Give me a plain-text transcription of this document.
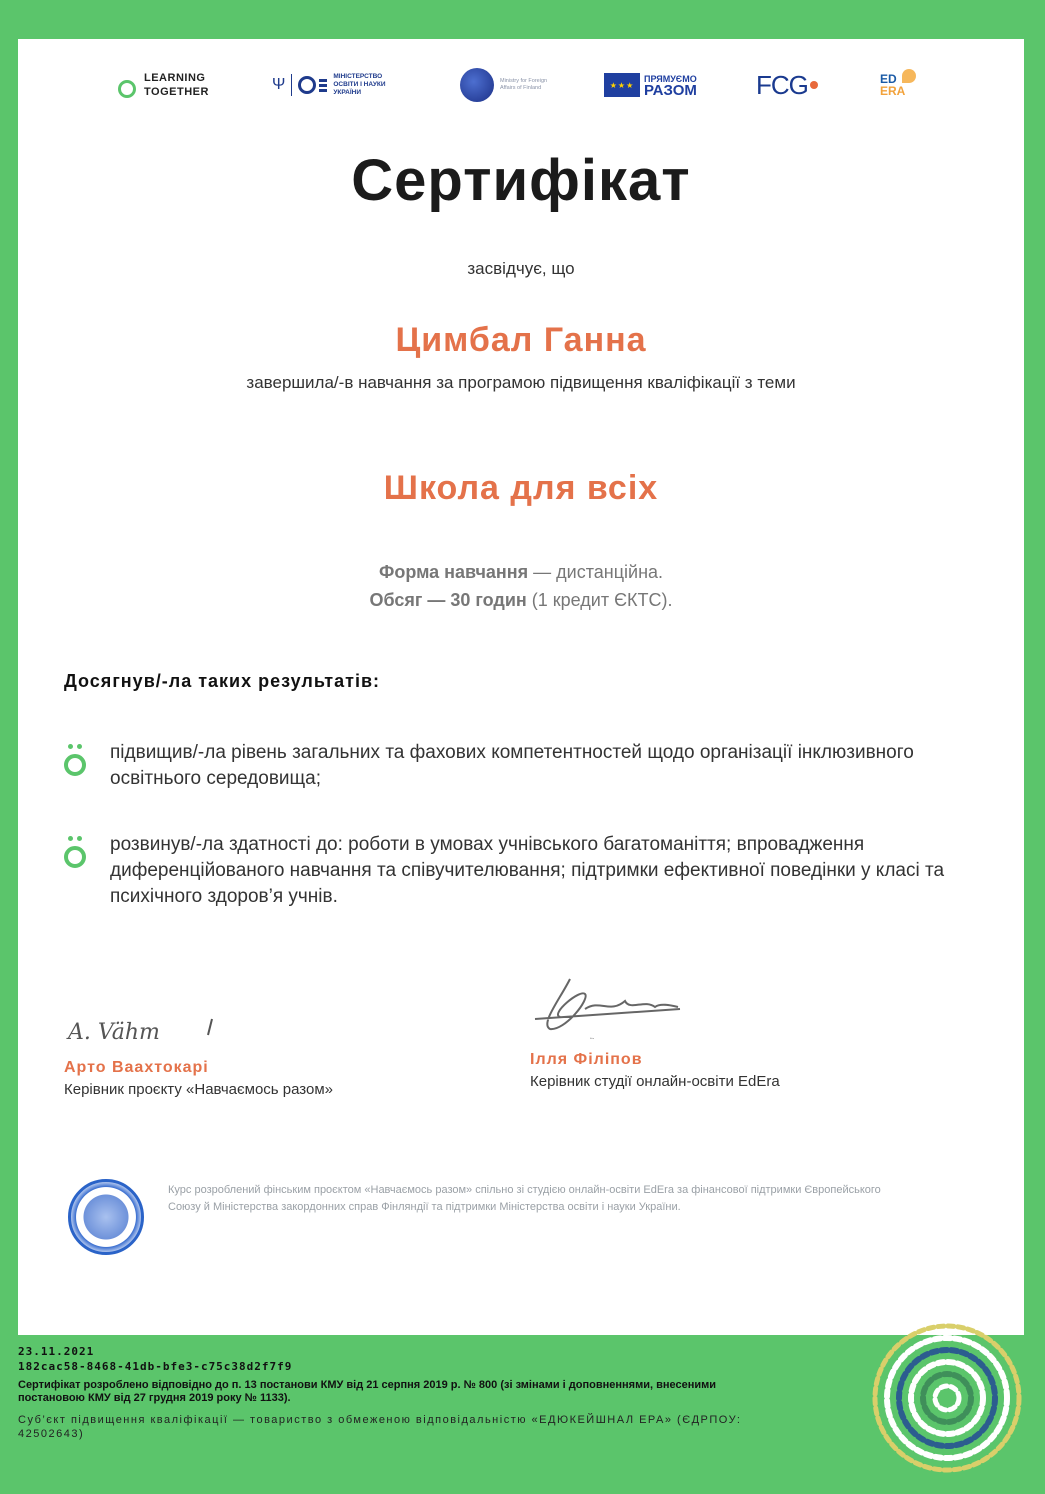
LEARNING
TOGETHER	Ψ	МІНІСТЕРСТВО
ОСВІТИ І НАУКИ
УКРАЇНИ
Ministry for Foreign Affairs of Finland	★★★
ПРЯМУЄМО
РАЗОМ FCG	ED
ERA
Сертифікат
засвідчує, що
Цимбал Ганна
завершила/-в навчання за програмою підвищення кваліфікації з теми
Школа для всіх
Форма навчання — дистанційна.
Обсяг — 30 годин (1 кредит ЄКТС).
Досягнув/-ла таких результатів:
підвищив/-ла рівень загальних та фахових компетентностей щодо організації інклюзивного освітнього середовища;
розвинув/-ла здатності до: роботи в умовах учнівського багатоманіття; впровадження диференційованого навчання та співучителювання; підтримки ефективної поведінки у класі та психічного здоров’я учнів.
A. Vähm
Арто Ваахтокарі
Керівник проєкту «Навчаємось разом»
Фіт
Ілля Філіпов
Керівник студії онлайн-освіти EdEra
Курс розроблений фінським проєктом «Навчаємось разом» спільно зі студією онлайн-освіти EdEra за фінансової підтримки Європейського Союзу й Міністерства закордонних справ Фінляндії та підтримки Міністерства освіти і науки України.
23.11.2021
182cac58-8468-41db-bfe3-c75c38d2f7f9
Сертифікат розроблено відповідно до п. 13 постанови КМУ від 21 серпня 2019 р. № 800 (зі змінами і доповненнями, внесеними постановою КМУ від 27 грудня 2019 року № 1133).
Суб’єкт підвищення кваліфікації — товариство з обмеженою відповідальністю «ЕДЮКЕЙШНАЛ ЕРА» (ЄДРПОУ: 42502643)
